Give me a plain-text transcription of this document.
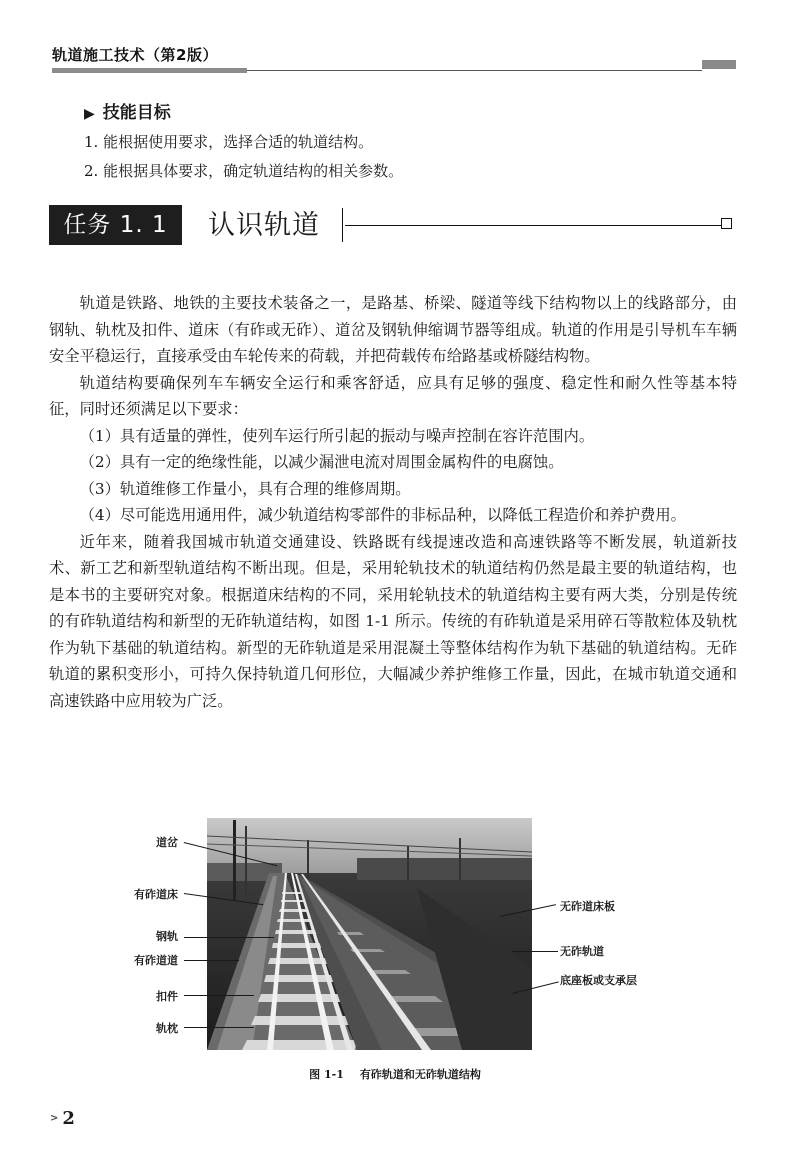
轨道施工技术（第2版）
▶ 技能目标
1. 能根据使用要求，选择合适的轨道结构。
2. 能根据具体要求，确定轨道结构的相关参数。
任务 1. 1	认识轨道

轨道是铁路、地铁的主要技术装备之一，是路基、桥梁、隧道等线下结构物以上的线路部分，由钢轨、轨枕及扣件、道床（有砟或无砟）、道岔及钢轨伸缩调节器等组成。轨道的作用是引导机车车辆安全平稳运行，直接承受由车轮传来的荷载，并把荷载传布给路基或桥隧结构物。

轨道结构要确保列车车辆安全运行和乘客舒适，应具有足够的强度、稳定性和耐久性等基本特征，同时还须满足以下要求：

（1）具有适量的弹性，使列车运行所引起的振动与噪声控制在容许范围内。

（2）具有一定的绝缘性能，以减少漏泄电流对周围金属构件的电腐蚀。

（3）轨道维修工作量小，具有合理的维修周期。

（4）尽可能选用通用件，减少轨道结构零部件的非标品种，以降低工程造价和养护费用。

近年来，随着我国城市轨道交通建设、铁路既有线提速改造和高速铁路等不断发展，轨道新技术、新工艺和新型轨道结构不断出现。但是，采用轮轨技术的轨道结构仍然是最主要的轨道结构，也是本书的主要研究对象。根据道床结构的不同，采用轮轨技术的轨道结构主要有两大类，分别是传统的有砟轨道结构和新型的无砟轨道结构，如图 1-1 所示。传统的有砟轨道是采用碎石等散粒体及轨枕作为轨下基础的轨道结构。新型的无砟轨道是采用混凝土等整体结构作为轨下基础的轨道结构。无砟轨道的累积变形小，可持久保持轨道几何形位，大幅减少养护维修工作量，因此，在城市轨道交通和高速铁路中应用较为广泛。

道岔
有砟道床
钢轨
有砟道道
扣件
轨枕
无砟道床板
无砟轨道
底座板或支承层
图 1-1 有砟轨道和无砟轨道结构
> 2
